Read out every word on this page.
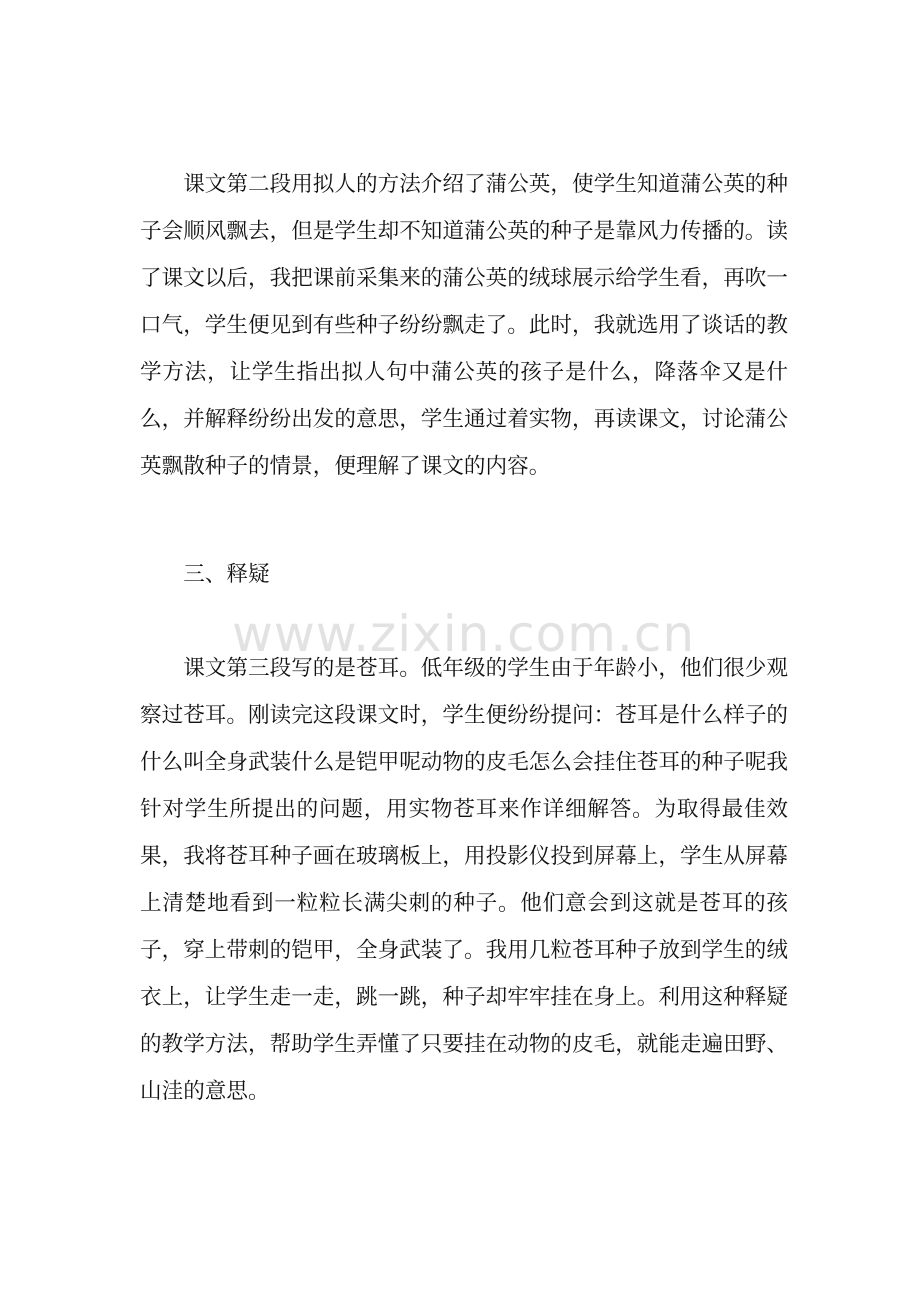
课文第二段用拟人的方法介绍了蒲公英，使学生知道蒲公英的种子会顺风飘去，但是学生却不知道蒲公英的种子是靠风力传播的。读了课文以后，我把课前采集来的蒲公英的绒球展示给学生看，再吹一口气，学生便见到有些种子纷纷飘走了。此时，我就选用了谈话的教学方法，让学生指出拟人句中蒲公英的孩子是什么，降落伞又是什么，并解释纷纷出发的意思，学生通过着实物，再读课文，讨论蒲公英飘散种子的情景，便理解了课文的内容。

三、释疑
www.zixin.com.cn

课文第三段写的是苍耳。低年级的学生由于年龄小，他们很少观察过苍耳。刚读完这段课文时，学生便纷纷提问：苍耳是什么样子的什么叫全身武装什么是铠甲呢动物的皮毛怎么会挂住苍耳的种子呢我针对学生所提出的问题，用实物苍耳来作详细解答。为取得最佳效果，我将苍耳种子画在玻璃板上，用投影仪投到屏幕上，学生从屏幕上清楚地看到一粒粒长满尖刺的种子。他们意会到这就是苍耳的孩子，穿上带刺的铠甲，全身武装了。我用几粒苍耳种子放到学生的绒衣上，让学生走一走，跳一跳，种子却牢牢挂在身上。利用这种释疑的教学方法，帮助学生弄懂了只要挂在动物的皮毛，就能走遍田野、山洼的意思。
